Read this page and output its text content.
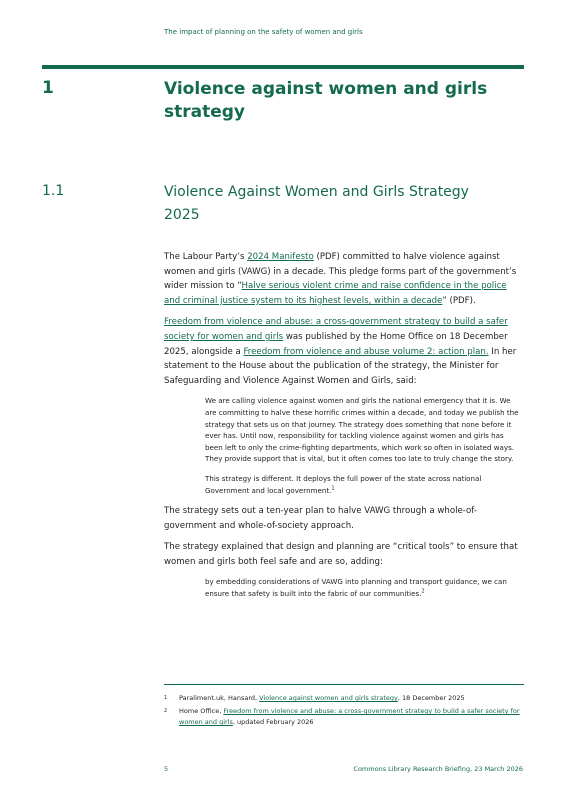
The impact of planning on the safety of women and girls
1	Violence against women and girls strategy
1.1	Violence Against Women and Girls Strategy 2025

The Labour Party’s 2024 Manifesto (PDF) committed to halve violence against women and girls (VAWG) in a decade. This pledge forms part of the government’s wider mission to “Halve serious violent crime and raise confidence in the police and criminal justice system to its highest levels, within a decade” (PDF).

Freedom from violence and abuse: a cross-government strategy to build a safer society for women and girls was published by the Home Office on 18 December 2025, alongside a Freedom from violence and abuse volume 2: action plan. In her statement to the House about the publication of the strategy, the Minister for Safeguarding and Violence Against Women and Girls, said:

We are calling violence against women and girls the national emergency that it is. We are committing to halve these horrific crimes within a decade, and today we publish the strategy that sets us on that journey. The strategy does something that none before it ever has. Until now, responsibility for tackling violence against women and girls has been left to only the crime-fighting departments, which work so often in isolated ways. They provide support that is vital, but it often comes too late to truly change the story.

This strategy is different. It deploys the full power of the state across national Government and local government.$^1$

The strategy sets out a ten-year plan to halve VAWG through a whole-of-government and whole-of-society approach.

The strategy explained that design and planning are “critical tools” to ensure that women and girls both feel safe and are so, adding:

by embedding considerations of VAWG into planning and transport guidance, we can ensure that safety is built into the fabric of our communities.$^2$

1 Paraliment.uk, Hansard, Violence against women and girls strategy, 18 December 2025
2 Home Office, Freedom from violence and abuse: a cross-government strategy to build a safer society for women and girls, updated February 2026
5	Commons Library Research Briefing, 23 March 2026
